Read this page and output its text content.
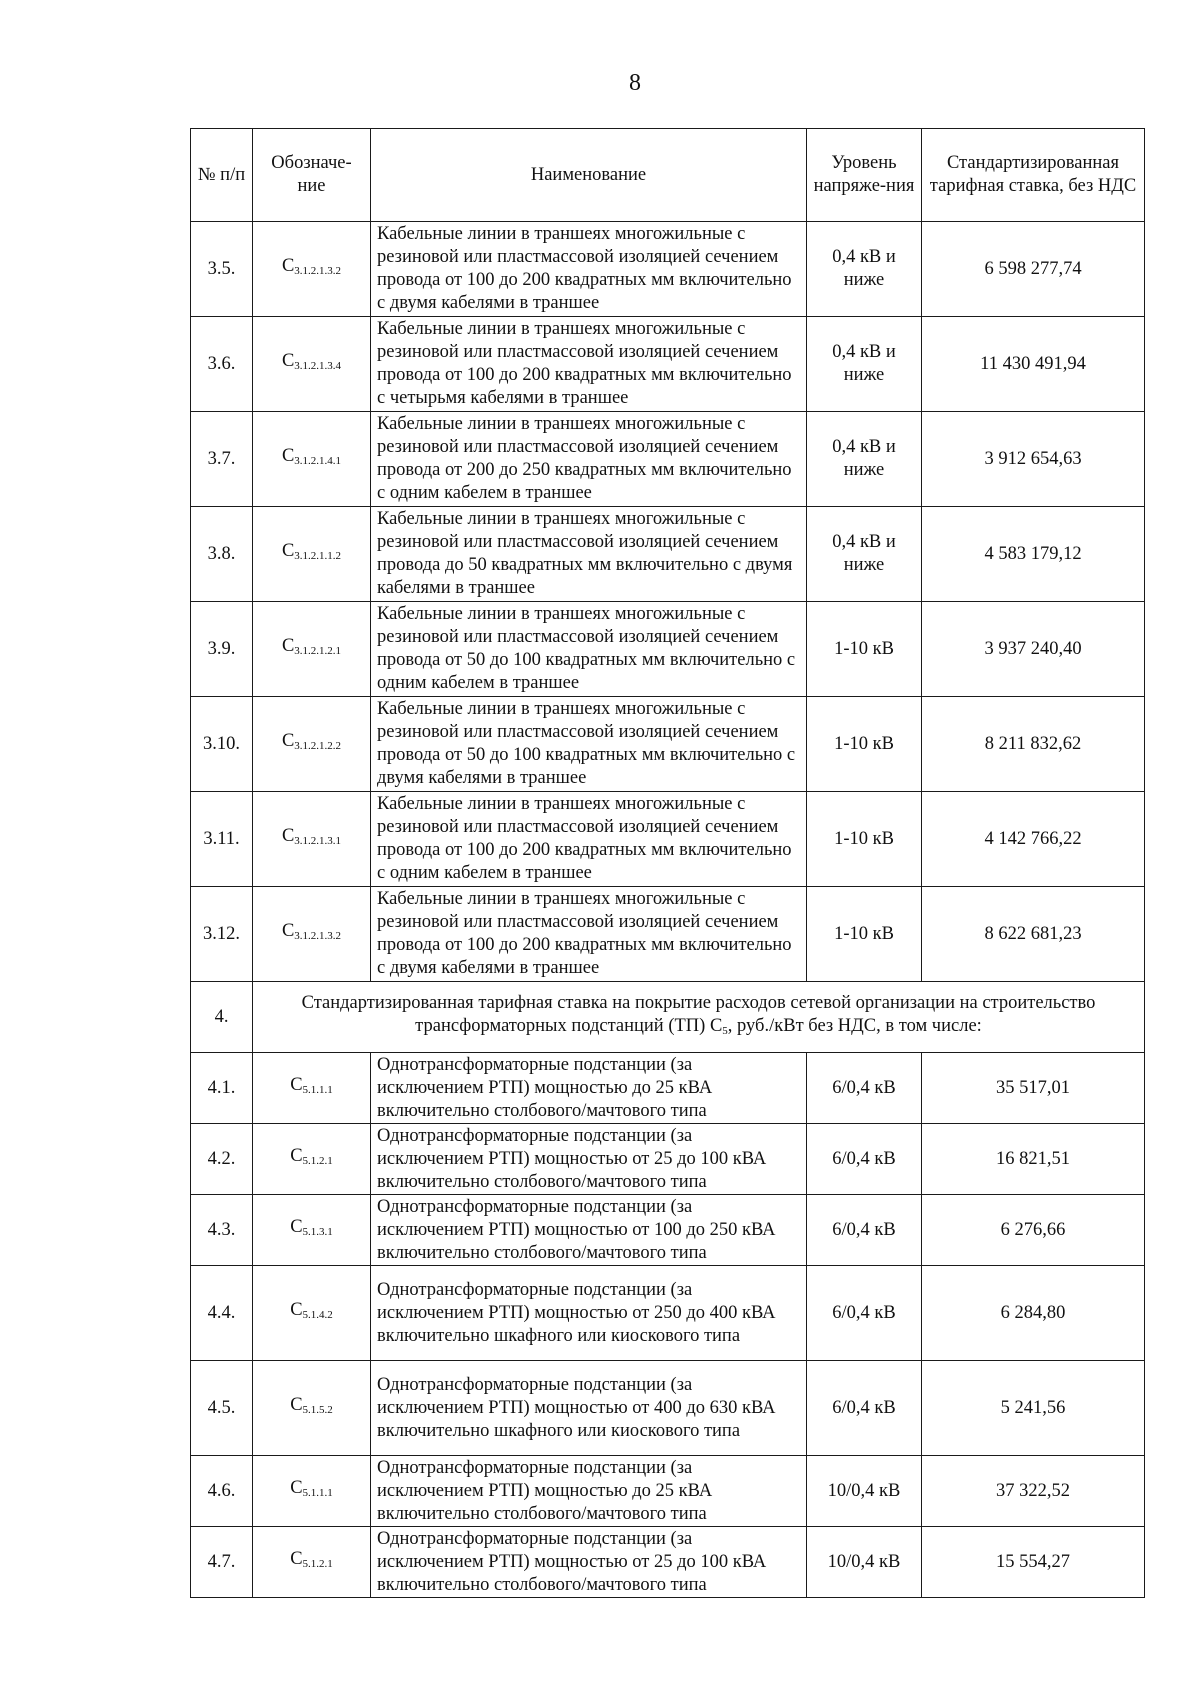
8
№ п/п	Обозначе-ние	Наименование	Уровень напряже-ния	Стандартизированная тарифная ставка, без НДС
3.5.	C3.1.2.1.3.2	Кабельные линии в траншеях многожильные с резиновой или пластмассовой изоляцией сечением провода от 100 до 200 квадратных мм включительно с двумя кабелями в траншее	0,4 кВ и ниже	6 598 277,74
3.6.	C3.1.2.1.3.4	Кабельные линии в траншеях многожильные с резиновой или пластмассовой изоляцией сечением провода от 100 до 200 квадратных мм включительно с четырьмя кабелями в траншее	0,4 кВ и ниже	11 430 491,94
3.7.	C3.1.2.1.4.1	Кабельные линии в траншеях многожильные с резиновой или пластмассовой изоляцией сечением провода от 200 до 250 квадратных мм включительно с одним кабелем в траншее	0,4 кВ и ниже	3 912 654,63
3.8.	C3.1.2.1.1.2	Кабельные линии в траншеях многожильные с резиновой или пластмассовой изоляцией сечением провода до 50 квадратных мм включительно с двумя кабелями в траншее	0,4 кВ и ниже	4 583 179,12
3.9.	C3.1.2.1.2.1	Кабельные линии в траншеях многожильные с резиновой или пластмассовой изоляцией сечением провода от 50 до 100 квадратных мм включительно с одним кабелем в траншее	1-10 кВ	3 937 240,40
3.10.	C3.1.2.1.2.2	Кабельные линии в траншеях многожильные с резиновой или пластмассовой изоляцией сечением провода от 50 до 100 квадратных мм включительно с двумя кабелями в траншее	1-10 кВ	8 211 832,62
3.11.	C3.1.2.1.3.1	Кабельные линии в траншеях многожильные с резиновой или пластмассовой изоляцией сечением провода от 100 до 200 квадратных мм включительно с одним кабелем в траншее	1-10 кВ	4 142 766,22
3.12.	C3.1.2.1.3.2	Кабельные линии в траншеях многожильные с резиновой или пластмассовой изоляцией сечением провода от 100 до 200 квадратных мм включительно с двумя кабелями в траншее	1-10 кВ	8 622 681,23
4.	Стандартизированная тарифная ставка на покрытие расходов сетевой организации на строительство трансформаторных подстанций (ТП) С5, руб./кВт без НДС, в том числе:			
4.1.	C5.1.1.1	Однотрансформаторные подстанции (за исключением РТП) мощностью до 25 кВА включительно столбового/мачтового типа	6/0,4 кВ	35 517,01
4.2.	C5.1.2.1	Однотрансформаторные подстанции (за исключением РТП) мощностью от 25 до 100 кВА включительно столбового/мачтового типа	6/0,4 кВ	16 821,51
4.3.	C5.1.3.1	Однотрансформаторные подстанции (за исключением РТП) мощностью от 100 до 250 кВА включительно столбового/мачтового типа	6/0,4 кВ	6 276,66
4.4.	C5.1.4.2	Однотрансформаторные подстанции (за исключением РТП) мощностью от 250 до 400 кВА включительно шкафного или киоскового типа	6/0,4 кВ	6 284,80
4.5.	C5.1.5.2	Однотрансформаторные подстанции (за исключением РТП) мощностью от 400 до 630 кВА включительно шкафного или киоскового типа	6/0,4 кВ	5 241,56
4.6.	C5.1.1.1	Однотрансформаторные подстанции (за исключением РТП) мощностью до 25 кВА включительно столбового/мачтового типа	10/0,4 кВ	37 322,52
4.7.	C5.1.2.1	Однотрансформаторные подстанции (за исключением РТП) мощностью от 25 до 100 кВА включительно столбового/мачтового типа	10/0,4 кВ	15 554,27
